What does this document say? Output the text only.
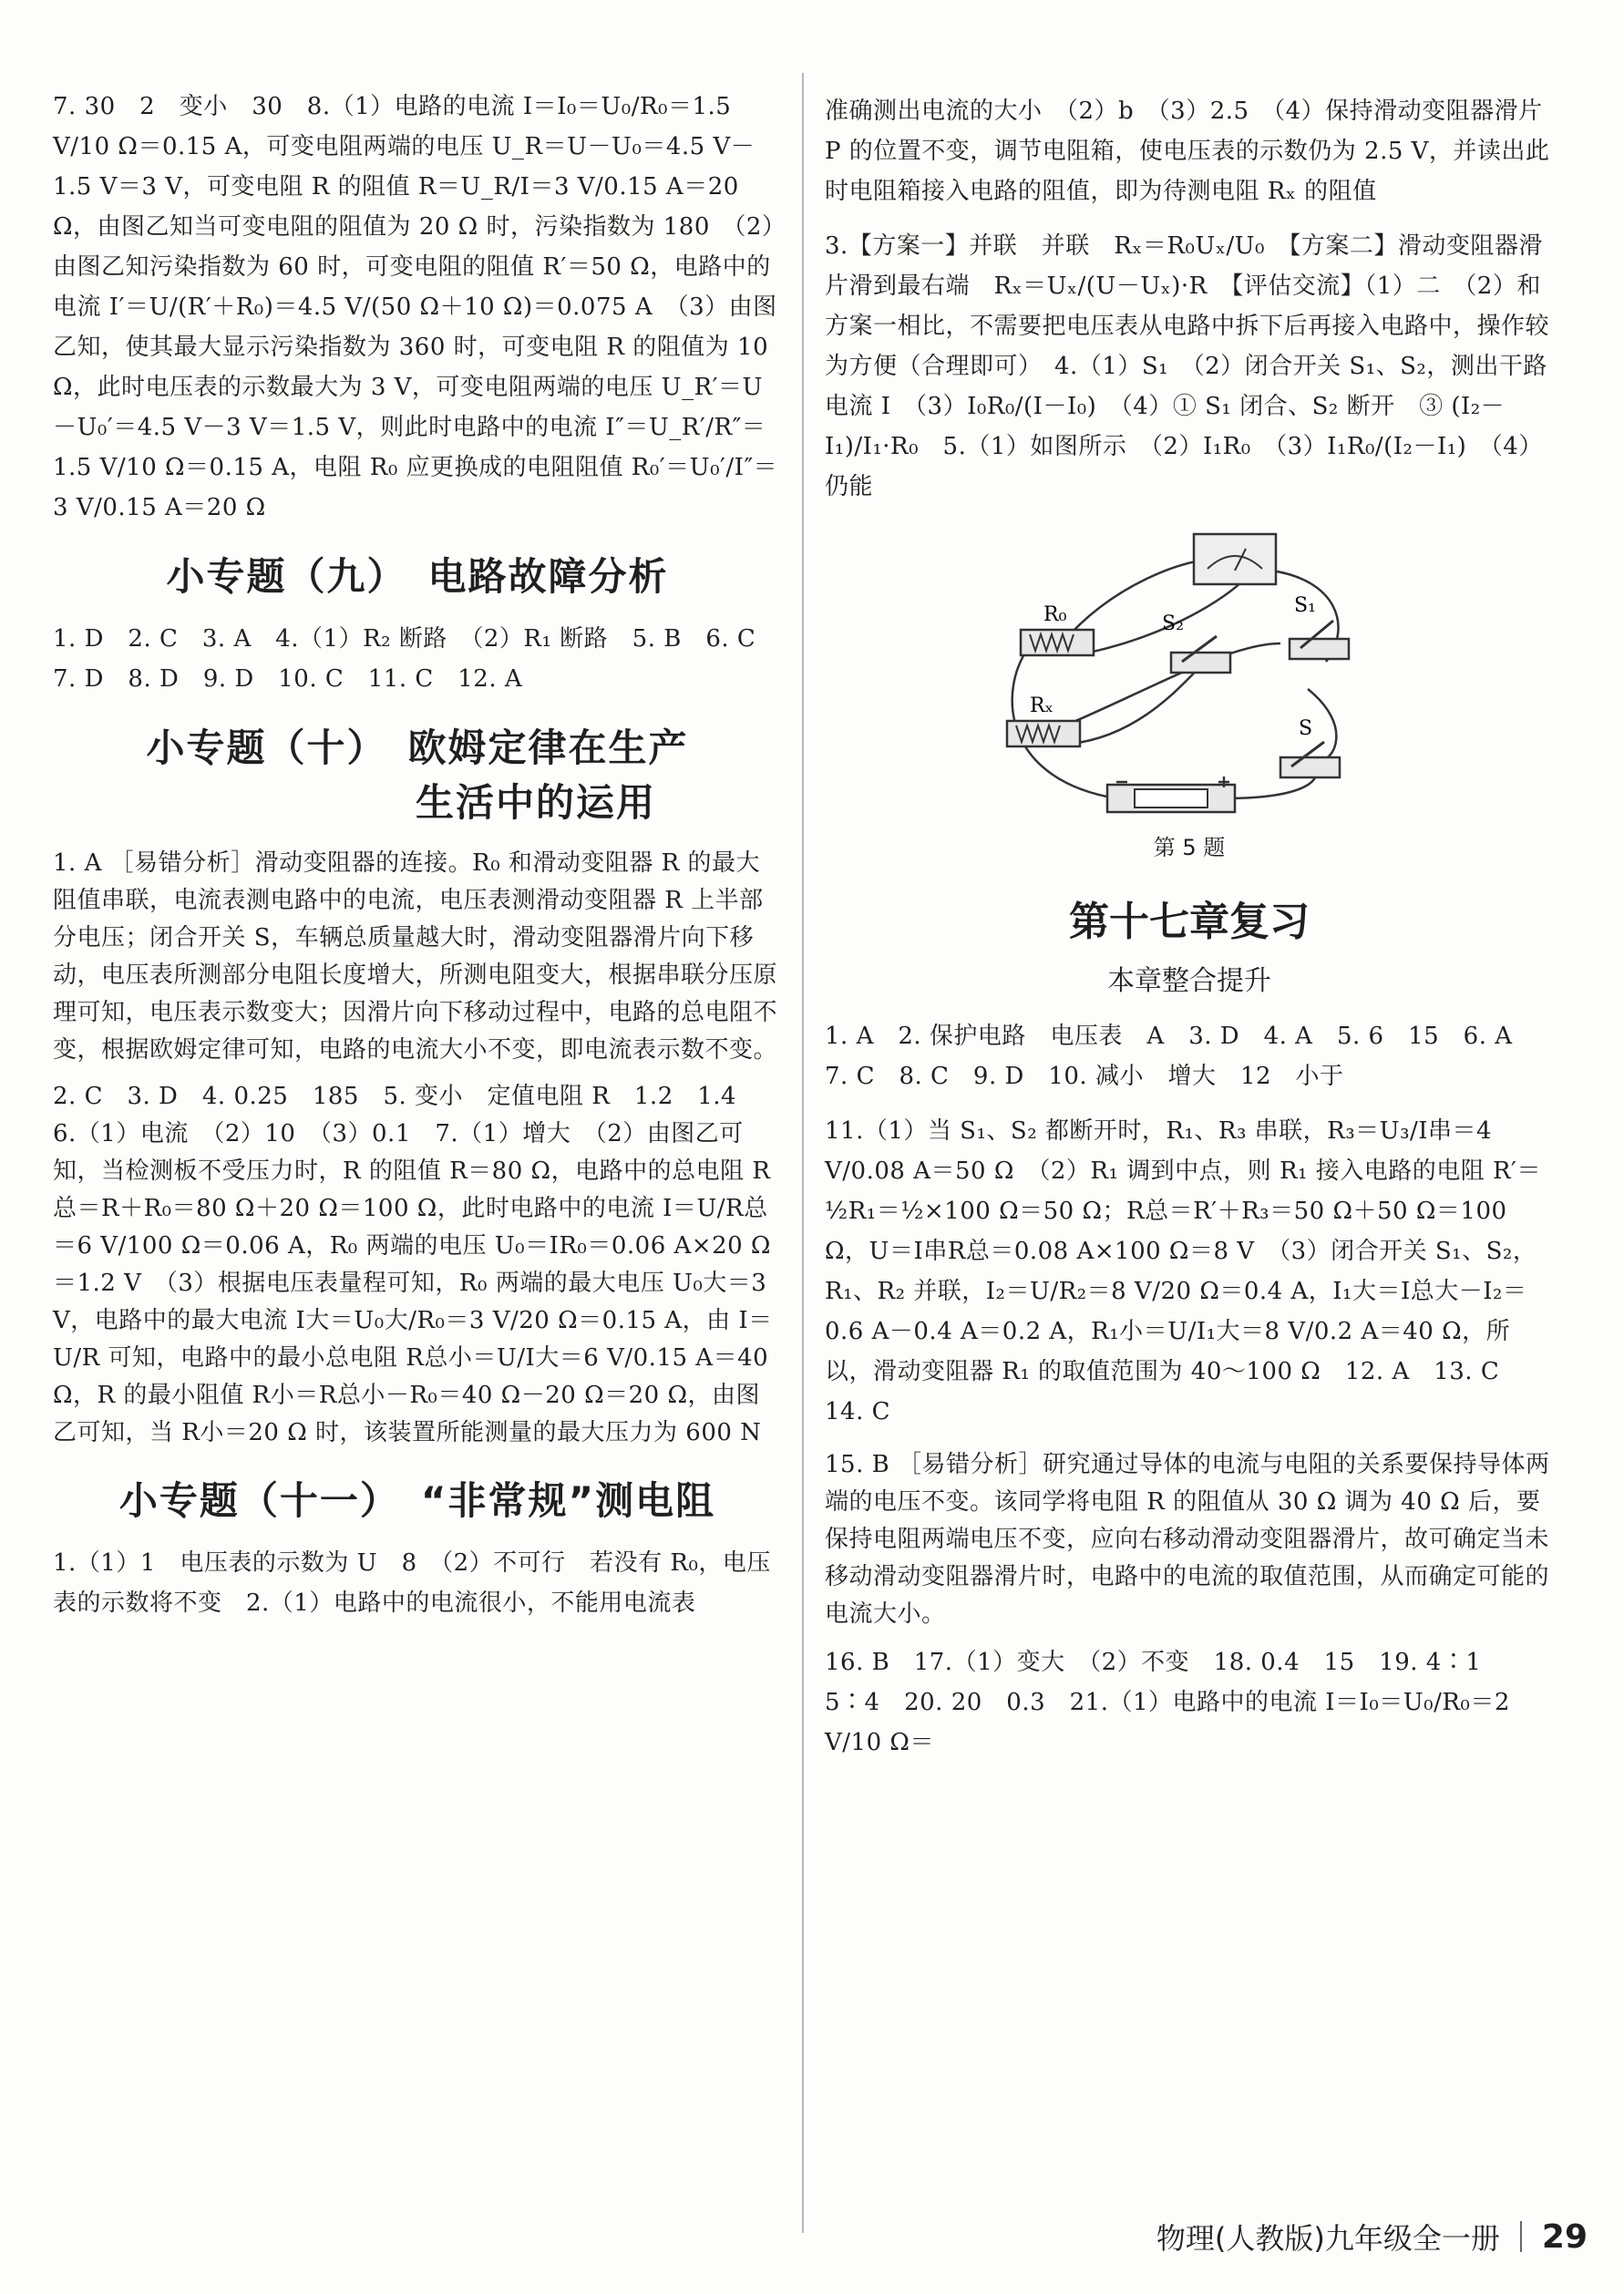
7. 30　2　变小　30　8.（1）电路的电流 I＝I₀＝U₀/R₀＝1.5 V/10 Ω＝0.15 A，可变电阻两端的电压 U_R＝U－U₀＝4.5 V－1.5 V＝3 V，可变电阻 R 的阻值 R＝U_R/I＝3 V/0.15 A＝20 Ω，由图乙知当可变电阻的阻值为 20 Ω 时，污染指数为 180　（2）由图乙知污染指数为 60 时，可变电阻的阻值 R′＝50 Ω，电路中的电流 I′＝U/(R′＋R₀)＝4.5 V/(50 Ω＋10 Ω)＝0.075 A　（3）由图乙知，使其最大显示污染指数为 360 时，可变电阻 R 的阻值为 10 Ω，此时电压表的示数最大为 3 V，可变电阻两端的电压 U_R′＝U－U₀′＝4.5 V－3 V＝1.5 V，则此时电路中的电流 I″＝U_R′/R″＝1.5 V/10 Ω＝0.15 A，电阻 R₀ 应更换成的电阻阻值 R₀′＝U₀′/I″＝3 V/0.15 A＝20 Ω

小专题（九）　电路故障分析

1. D　2. C　3. A　4.（1）R₂ 断路　（2）R₁ 断路　5. B　6. C　7. D　8. D　9. D　10. C　11. C　12. A

小专题（十）　欧姆定律在生产
生活中的运用

1. A ［易错分析］滑动变阻器的连接。R₀ 和滑动变阻器 R 的最大阻值串联，电流表测电路中的电流，电压表测滑动变阻器 R 上半部分电压；闭合开关 S，车辆总质量越大时，滑动变阻器滑片向下移动，电压表所测部分电阻长度增大，所测电阻变大，根据串联分压原理可知，电压表示数变大；因滑片向下移动过程中，电路的总电阻不变，根据欧姆定律可知，电路的电流大小不变，即电流表示数不变。

2. C　3. D　4. 0.25　185　5. 变小　定值电阻 R　1.2　1.4　6.（1）电流　（2）10　（3）0.1　7.（1）增大　（2）由图乙可知，当检测板不受压力时，R 的阻值 R＝80 Ω，电路中的总电阻 R总＝R＋R₀＝80 Ω＋20 Ω＝100 Ω，此时电路中的电流 I＝U/R总＝6 V/100 Ω＝0.06 A，R₀ 两端的电压 U₀＝IR₀＝0.06 A×20 Ω＝1.2 V　（3）根据电压表量程可知，R₀ 两端的最大电压 U₀大＝3 V，电路中的最大电流 I大＝U₀大/R₀＝3 V/20 Ω＝0.15 A，由 I＝U/R 可知，电路中的最小总电阻 R总小＝U/I大＝6 V/0.15 A＝40 Ω，R 的最小阻值 R小＝R总小－R₀＝40 Ω－20 Ω＝20 Ω，由图乙可知，当 R小＝20 Ω 时，该装置所能测量的最大压力为 600 N

小专题（十一）　“非常规”测电阻

1.（1）1　电压表的示数为 U　8　（2）不可行　若没有 R₀，电压表的示数将不变　2.（1）电路中的电流很小，不能用电流表

准确测出电流的大小　（2）b　（3）2.5　（4）保持滑动变阻器滑片 P 的位置不变，调节电阻箱，使电压表的示数仍为 2.5 V，并读出此时电阻箱接入电路的阻值，即为待测电阻 Rₓ 的阻值

3.【方案一】并联　并联　Rₓ＝R₀Uₓ/U₀　【方案二】滑动变阻器滑片滑到最右端　Rₓ＝Uₓ/(U－Uₓ)·R　【评估交流】（1）二　（2）和方案一相比，不需要把电压表从电路中拆下后再接入电路中，操作较为方便（合理即可）　4.（1）S₁　（2）闭合开关 S₁、S₂，测出干路电流 I　（3）I₀R₀/(I－I₀)　（4）① S₁ 闭合、S₂ 断开　③ (I₂－I₁)/I₁·R₀　5.（1）如图所示　（2）I₁R₀　（3）I₁R₀/(I₂－I₁)　（4）仍能

R₀	S₂
S₁
Rₓ
S
第 5 题
第十七章复习
本章整合提升

1. A　2. 保护电路　电压表　A　3. D　4. A　5. 6　15　6. A　7. C　8. C　9. D　10. 减小　增大　12　小于

11.（1）当 S₁、S₂ 都断开时，R₁、R₃ 串联，R₃＝U₃/I串＝4 V/0.08 A＝50 Ω　（2）R₁ 调到中点，则 R₁ 接入电路的电阻 R′＝½R₁＝½×100 Ω＝50 Ω；R总＝R′＋R₃＝50 Ω＋50 Ω＝100 Ω，U＝I串R总＝0.08 A×100 Ω＝8 V　（3）闭合开关 S₁、S₂，R₁、R₂ 并联，I₂＝U/R₂＝8 V/20 Ω＝0.4 A，I₁大＝I总大－I₂＝0.6 A－0.4 A＝0.2 A，R₁小＝U/I₁大＝8 V/0.2 A＝40 Ω，所以，滑动变阻器 R₁ 的取值范围为 40～100 Ω　12. A　13. C　14. C

15. B ［易错分析］研究通过导体的电流与电阻的关系要保持导体两端的电压不变。该同学将电阻 R 的阻值从 30 Ω 调为 40 Ω 后，要保持电阻两端电压不变，应向右移动滑动变阻器滑片，故可确定当未移动滑动变阻器滑片时，电路中的电流的取值范围，从而确定可能的电流大小。

16. B　17.（1）变大　（2）不变　18. 0.4　15　19. 4∶1　5∶4　20. 20　0.3　21.（1）电路中的电流 I＝I₀＝U₀/R₀＝2 V/10 Ω＝

物理(人教版)九年级全一册 29
